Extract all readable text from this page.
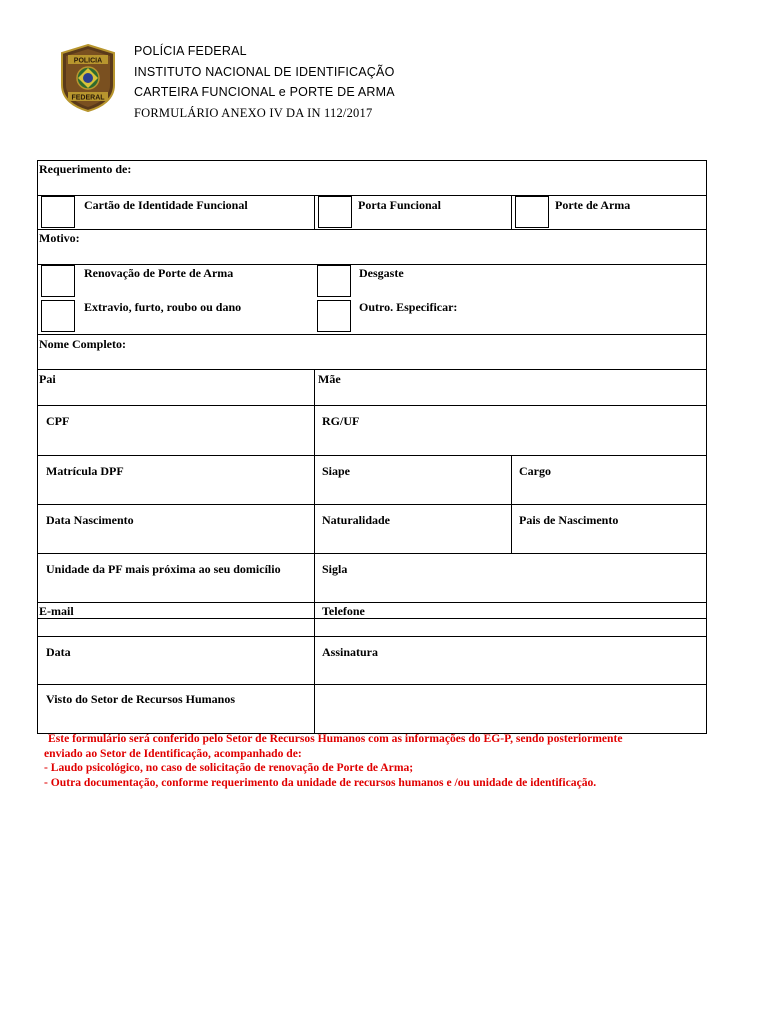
POLICIA
FEDERAL
POLÍCIA FEDERAL
INSTITUTO NACIONAL DE IDENTIFICAÇÃO
CARTEIRA FUNCIONAL e PORTE DE ARMA
FORMULÁRIO ANEXO IV DA IN 112/2017
Requerimento de:
Cartão de Identidade Funcional	Porta Funcional	Porte de Arma
Motivo:
Renovação de Porte de Arma	Desgaste
Extravio, furto, roubo ou dano	Outro. Especificar:
Nome Completo:
Pai	Mãe
CPF	RG/UF
Matrícula DPF	Siape	Cargo
Data Nascimento	Naturalidade	Pais de Nascimento
Unidade da PF mais próxima ao seu domicílio	Sigla
E-mail	Telefone
Data	Assinatura
Visto do Setor de Recursos Humanos
Este formulário será conferido pelo Setor de Recursos Humanos com as informações do EG-P, sendo posteriormente
enviado ao Setor de Identificação, acompanhado de:
- Laudo psicológico, no caso de solicitação de renovação de Porte de Arma;
- Outra documentação, conforme requerimento da unidade de recursos humanos e /ou unidade de identificação.
